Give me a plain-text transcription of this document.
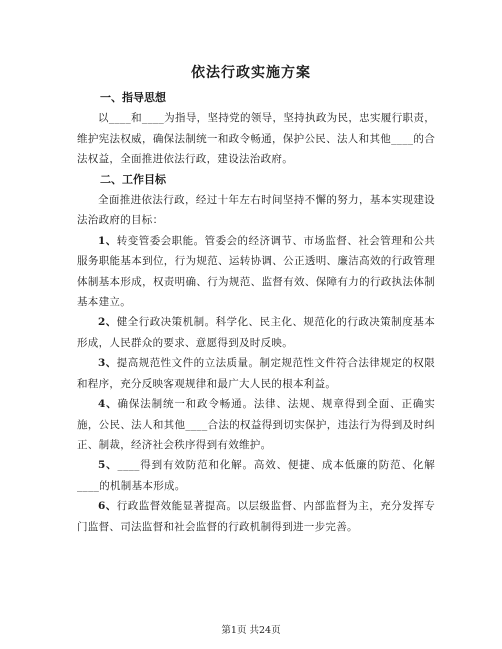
依法行政实施方案

一、指导思想

以____和____为指导，坚持党的领导，坚持执政为民，忠实履行职责，维护宪法权威，确保法制统一和政令畅通，保护公民、法人和其他____的合法权益，全面推进依法行政，建设法治政府。

二、工作目标

全面推进依法行政，经过十年左右时间坚持不懈的努力，基本实现建设法治政府的目标：

1、转变管委会职能。管委会的经济调节、市场监督、社会管理和公共服务职能基本到位，行为规范、运转协调、公正透明、廉洁高效的行政管理体制基本形成，权责明确、行为规范、监督有效、保障有力的行政执法体制基本建立。

2、健全行政决策机制。科学化、民主化、规范化的行政决策制度基本形成，人民群众的要求、意愿得到及时反映。

3、提高规范性文件的立法质量。制定规范性文件符合法律规定的权限和程序，充分反映客观规律和最广大人民的根本利益。

4、确保法制统一和政令畅通。法律、法规、规章得到全面、正确实施，公民、法人和其他____合法的权益得到切实保护，违法行为得到及时纠正、制裁，经济社会秩序得到有效维护。

5、____得到有效防范和化解。高效、便捷、成本低廉的防范、化解____的机制基本形成。

6、行政监督效能显著提高。以层级监督、内部监督为主，充分发挥专门监督、司法监督和社会监督的行政机制得到进一步完善。

第1页 共24页
